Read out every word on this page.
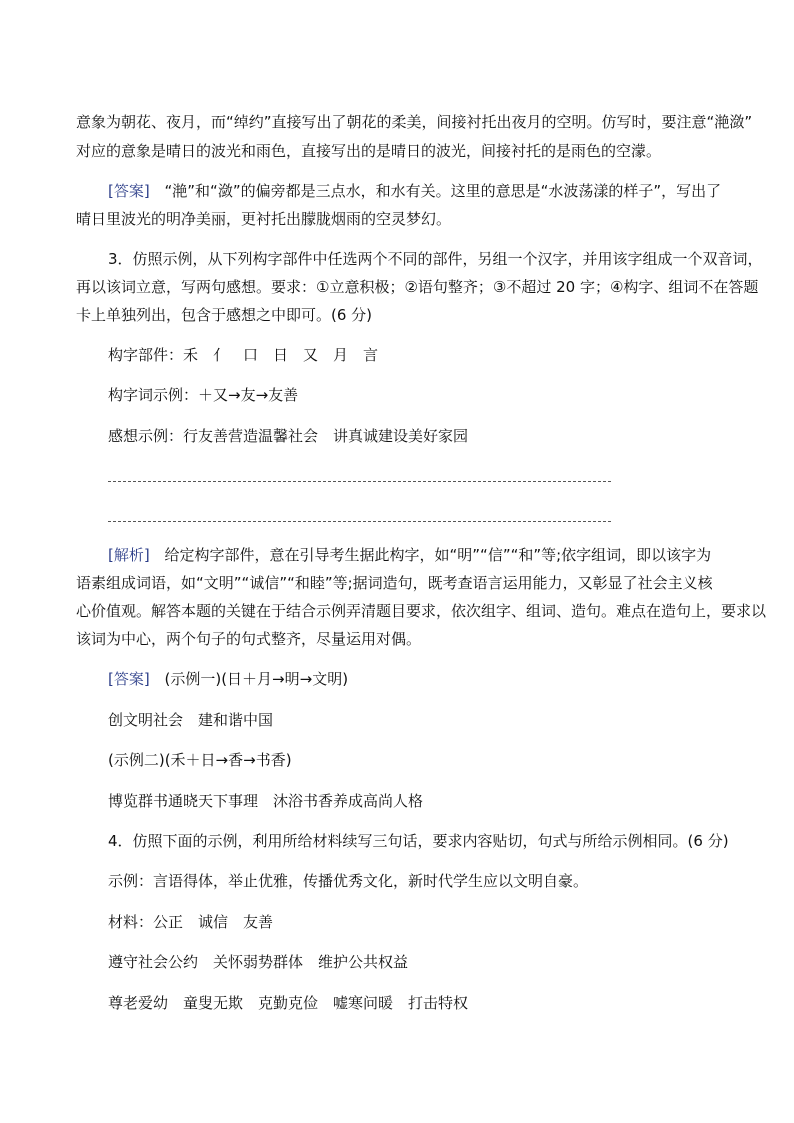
意象为朝花、夜月，而“绰约”直接写出了朝花的柔美，间接衬托出夜月的空明。仿写时，要注意“滟潋”
对应的意象是晴日的波光和雨色，直接写出的是晴日的波光，间接衬托的是雨色的空濛。
[答案] “滟”和“潋”的偏旁都是三点水，和水有关。这里的意思是“水波荡漾的样子”，写出了
晴日里波光的明净美丽，更衬托出朦胧烟雨的空灵梦幻。
3．仿照示例，从下列构字部件中任选两个不同的部件，另组一个汉字，并用该字组成一个双音词，
再以该词立意，写两句感想。要求：①立意积极；②语句整齐；③不超过 20 字；④构字、组词不在答题
卡上单独列出，包含于感想之中即可。(6 分)
构字部件：禾　亻　口　日　又　月　言
构字词示例：＋又→友→友善
感想示例：行友善营造温馨社会　讲真诚建设美好家园
[解析] 给定构字部件，意在引导考生据此构字，如“明”“信”“和”等;依字组词，即以该字为
语素组成词语，如“文明”“诚信”“和睦”等;据词造句，既考查语言运用能力，又彰显了社会主义核
心价值观。解答本题的关键在于结合示例弄清题目要求，依次组字、组词、造句。难点在造句上，要求以
该词为中心，两个句子的句式整齐，尽量运用对偶。
[答案] (示例一)(日＋月→明→文明)
创文明社会　建和谐中国
(示例二)(禾＋日→香→书香)
博览群书通晓天下事理　沐浴书香养成高尚人格
4．仿照下面的示例，利用所给材料续写三句话，要求内容贴切，句式与所给示例相同。(6 分)
示例：言语得体，举止优雅，传播优秀文化，新时代学生应以文明自豪。
材料：公正　诚信　友善
遵守社会公约　关怀弱势群体　维护公共权益
尊老爱幼　童叟无欺　克勤克俭　嘘寒问暖　打击特权
